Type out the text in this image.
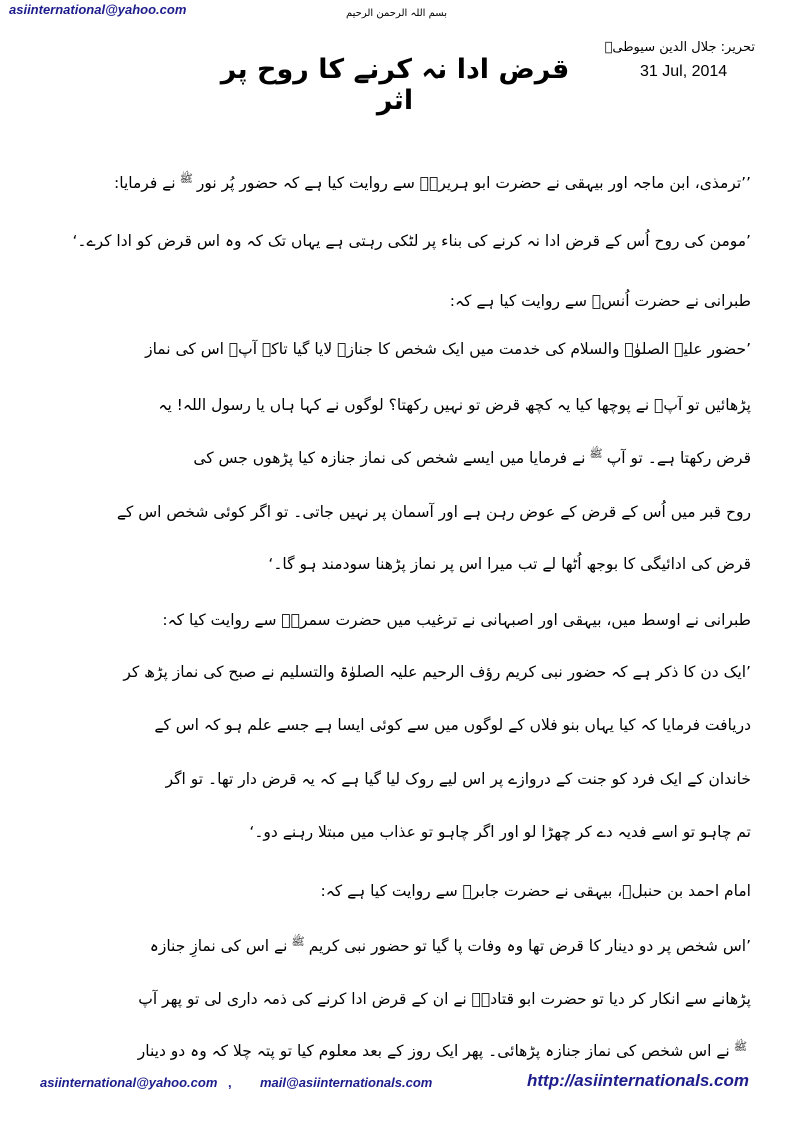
asiinternational@yahoo.com	بسم اللہ الرحمن الرحیم
قرض ادا نہ کرنے کا روح پر اثر
تحریر: جلال الدین سیوطیؒ
31 Jul, 2014
’’ترمذی، ابن ماجہ اور بیہقی نے حضرت ابو ہریرہؓ سے روایت کیا ہے کہ حضور پُر نور$^ﷺ$نے فرمایا:
’مومن کی روح اُس کے قرض ادا نہ کرنے کی بناء پر لٹکی رہتی ہے یہاں تک کہ وہ اس قرض کو ادا کرے۔‘
طبرانی نے حضرت اُنسؓ سے روایت کیا ہے کہ:
’حضور علیہ الصلوٰۃ والسلام کی خدمت میں ایک شخص کا جنازہ لایا گیا تاکہ آپؐ اس کی نماز
پڑھائیں تو آپؐ نے پوچھا کیا یہ کچھ قرض تو نہیں رکھتا؟ لوگوں نے کہا ہاں یا رسول اللہ! یہ
قرض رکھتا ہے۔ تو آپ$^ﷺ$نے فرمایا میں ایسے شخص کی نماز جنازہ کیا پڑھوں جس کی
روح قبر میں اُس کے قرض کے عوض رہن ہے اور آسمان پر نہیں جاتی۔ تو اگر کوئی شخص اس کے
قرض کی ادائیگی کا بوجھ اُٹھا لے تب میرا اس پر نماز پڑھنا سودمند ہو گا۔‘
طبرانی نے اوسط میں، بیہقی اور اصبہانی نے ترغیب میں حضرت سمرہؓ سے روایت کیا کہ:
’ایک دن کا ذکر ہے کہ حضور نبی کریم رؤف الرحیم علیہ الصلوٰۃ والتسلیم نے صبح کی نماز پڑھ کر
دریافت فرمایا کہ کیا یہاں بنو فلاں کے لوگوں میں سے کوئی ایسا ہے جسے علم ہو کہ اس کے
خاندان کے ایک فرد کو جنت کے دروازے پر اس لیے روک لیا گیا ہے کہ یہ قرض دار تھا۔ تو اگر
تم چاہو تو اسے فدیہ دے کر چھڑا لو اور اگر چاہو تو عذاب میں مبتلا رہنے دو۔‘
امام احمد بن حنبلؒ، بیہقی نے حضرت جابرؓ سے روایت کیا ہے کہ:
’اس شخص پر دو دینار کا قرض تھا وہ وفات پا گیا تو حضور نبی کریم$^ﷺ$نے اس کی نمازِ جنازہ
پڑھانے سے انکار کر دیا تو حضرت ابو قتادہؓ نے ان کے قرض ادا کرنے کی ذمہ داری لی تو پھر آپ
$^ﷺ$نے اس شخص کی نماز جنازہ پڑھائی۔ پھر ایک روز کے بعد معلوم کیا تو پتہ چلا کہ وہ دو دینار
asiinternational@yahoo.com , mail@asiinternationals.com	http://asiinternationals.com
